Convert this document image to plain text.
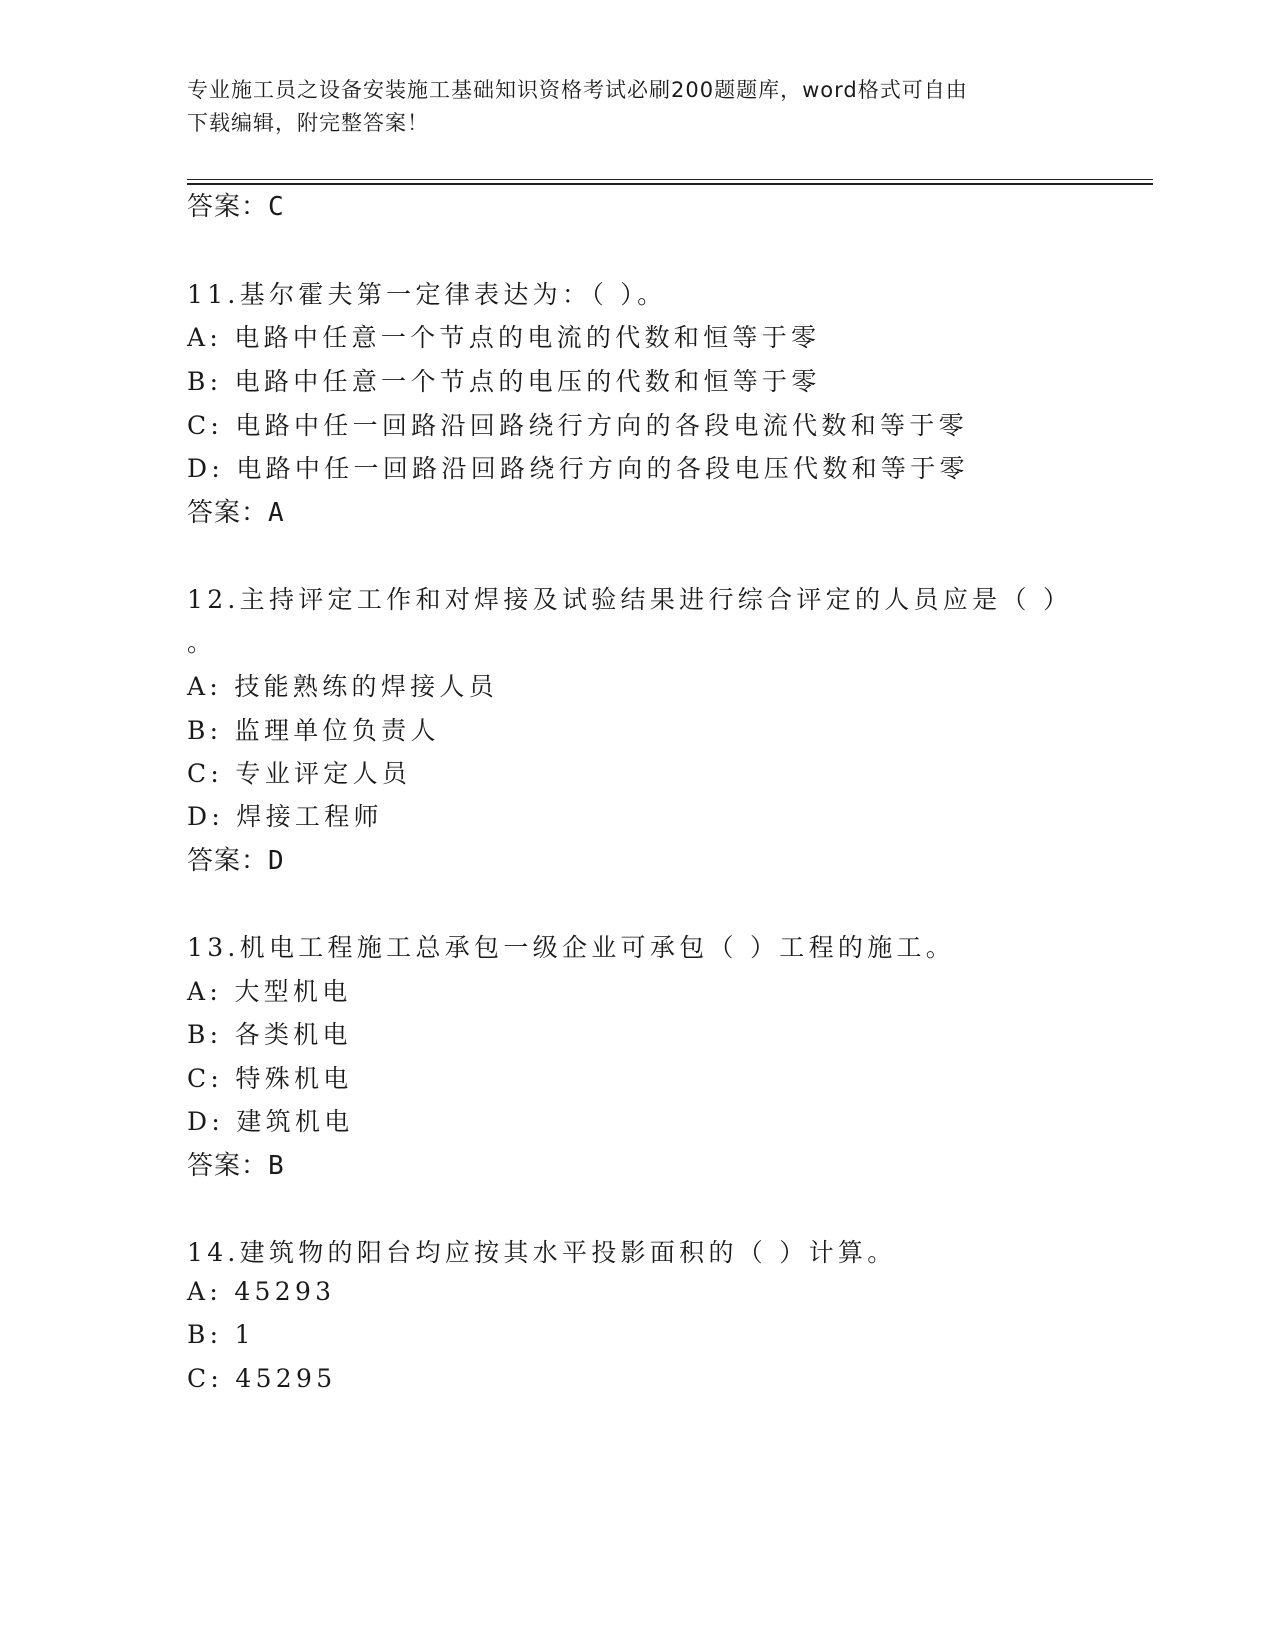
专业施工员之设备安装施工基础知识资格考试必刷200题题库，word格式可自由
下载编辑，附完整答案！
答案：C
11.基尔霍夫第一定律表达为：（ ）。
A: 电路中任意一个节点的电流的代数和恒等于零
B: 电路中任意一个节点的电压的代数和恒等于零
C: 电路中任一回路沿回路绕行方向的各段电流代数和等于零
D: 电路中任一回路沿回路绕行方向的各段电压代数和等于零
答案：A
12.主持评定工作和对焊接及试验结果进行综合评定的人员应是（ ）
。
A: 技能熟练的焊接人员
B: 监理单位负责人
C: 专业评定人员
D: 焊接工程师
答案：D
13.机电工程施工总承包一级企业可承包（ ）工程的施工。
A: 大型机电
B: 各类机电
C: 特殊机电
D: 建筑机电
答案：B
14.建筑物的阳台均应按其水平投影面积的（ ）计算。
A: 45293
B: 1
C: 45295
